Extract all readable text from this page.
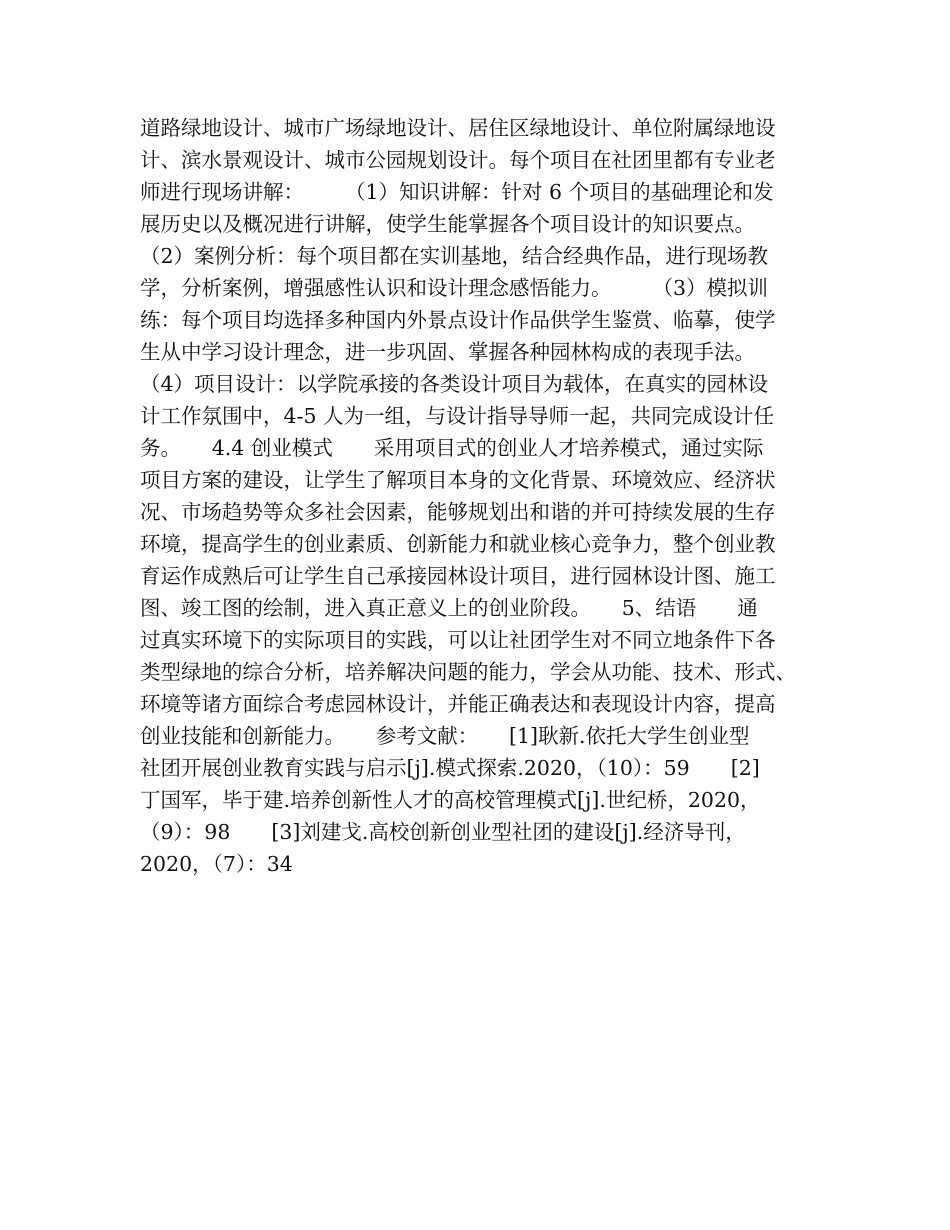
道路绿地设计、城市广场绿地设计、居住区绿地设计、单位附属绿地设
计、滨水景观设计、城市公园规划设计。每个项目在社团里都有专业老
师进行现场讲解：　　　（1）知识讲解：针对 6 个项目的基础理论和发
展历史以及概况进行讲解，使学生能掌握各个项目设计的知识要点。
（2）案例分析：每个项目都在实训基地，结合经典作品，进行现场教
学，分析案例，增强感性认识和设计理念感悟能力。　　　（3）模拟训
练：每个项目均选择多种国内外景点设计作品供学生鉴赏、临摹，使学
生从中学习设计理念，进一步巩固、掌握各种园林构成的表现手法。
（4）项目设计：以学院承接的各类设计项目为载体，在真实的园林设
计工作氛围中，4-5 人为一组，与设计指导导师一起，共同完成设计任
务。　　4.4 创业模式　　采用项目式的创业人才培养模式，通过实际
项目方案的建设，让学生了解项目本身的文化背景、环境效应、经济状
况、市场趋势等众多社会因素，能够规划出和谐的并可持续发展的生存
环境，提高学生的创业素质、创新能力和就业核心竞争力，整个创业教
育运作成熟后可让学生自己承接园林设计项目，进行园林设计图、施工
图、竣工图的绘制，进入真正意义上的创业阶段。　　5、结语　　通
过真实环境下的实际项目的实践，可以让社团学生对不同立地条件下各
类型绿地的综合分析，培养解决问题的能力，学会从功能、技术、形式、
环境等诸方面综合考虑园林设计，并能正确表达和表现设计内容，提高
创业技能和创新能力。　　参考文献：　　[1]耿新.依托大学生创业型
社团开展创业教育实践与启示[j].模式探索.2020，（10）：59　　[2]
丁国军，毕于建.培养创新性人才的高校管理模式[j].世纪桥，2020，
（9）：98　　[3]刘建戈.高校创新创业型社团的建设[j].经济导刊，
2020，（7）：34
